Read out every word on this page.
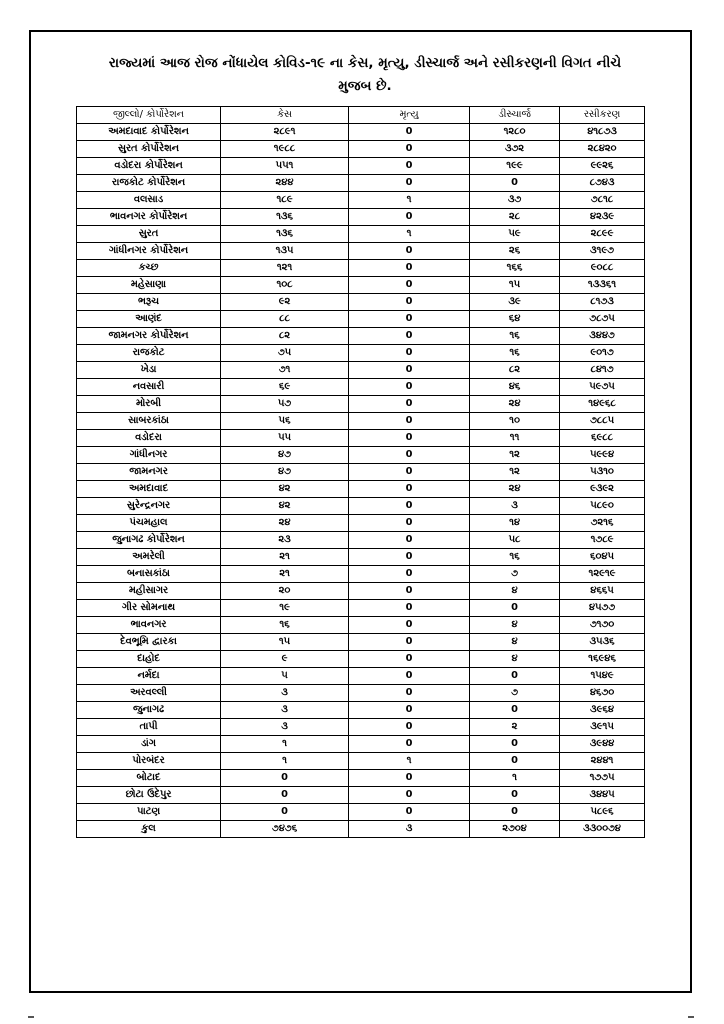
રાજ્યમાં આજ રોજ નોંધાયેલ કોવિડ-૧૯ ના કેસ, મૃત્યુ, ડીસ્ચાર્જ અને રસીકરણની વિગત નીચે
મુજબ છે.
જીલ્લો/ કોર્પોરેશન	કેસ	મૃત્યુ	ડીસ્ચાર્જ	રસીકરણ
અમદાવાદ કોર્પોરેશન	૨૮૯૧	0	૧૨૮૦	૪૧૮૭૩
સુરત કોર્પોરેશન	૧૯૮૮	0	૩૭૨	૨૮૪૨૦
વડોદરા કોર્પોરેશન	૫૫૧	0	૧૯૯	૯૯૨૬
રાજકોટ કોર્પોરેશન	૨૪૪	0	0	૮૭૪૩
વલસાડ	૧૮૯	૧	૩૭	૭૮૧૮
ભાવનગર કોર્પોરેશન	૧૩૬	0	૨૮	૪૨૩૯
સુરત	૧૩૬	૧	૫૯	૨૮૯૯
ગાંધીનગર કોર્પોરેશન	૧૩૫	0	૨૬	૩૧૯૭
કચ્છ	૧૨૧	0	૧૬૬	૯૦૮૮
મહેસાણા	૧૦૮	0	૧૫	૧૩૩૬૧
ભરૂચ	૯૨	0	૩૯	૮૧૭૩
આણંદ	૮૮	0	૬૪	૭૮૭૫
જામનગર કોર્પોરેશન	૮૨	0	૧૬	૩૪૪૭
રાજકોટ	૭૫	0	૧૬	૯૦૧૭
ખેડા	૭૧	0	૮૨	૮૪૧૭
નવસારી	૬૯	0	૪૬	૫૯૭૫
મોરબી	૫૭	0	૨૪	૧૪૯૬૮
સાબરકાંઠા	૫૬	0	૧૦	૭૮૮૫
વડોદરા	૫૫	0	૧૧	૬૯૮૮
ગાંધીનગર	૪૭	0	૧૨	૫૯૯૪
જામનગર	૪૭	0	૧૨	૫૩૧૦
અમદાવાદ	૪૨	0	૨૪	૯૩૯૨
સુરેન્દ્રનગર	૪૨	0	૩	૫૮૯૦
પંચમહાલ	૨૪	0	૧૪	૭૨૧૬
જુનાગઢ કોર્પોરેશન	૨૩	0	૫૮	૧૭૮૯
અમરેલી	૨૧	0	૧૬	૬૦૪૫
બનાસકાંઠા	૨૧	0	૭	૧૨૯૧૯
મહીસાગર	૨૦	0	૪	૪૬૬૫
ગીર સોમનાથ	૧૯	0	0	૪૫૭૭
ભાવનગર	૧૬	0	૪	૭૧૭૦
દેવભૂમિ દ્વારકા	૧૫	0	૪	૩૫૩૬
દાહોદ	૯	0	૪	૧૬૯૪૬
નર્મદા	૫	0	0	૧૫૪૯
અરવલ્લી	૩	0	૭	૪૬૭૦
જુનાગઢ	૩	0	0	૩૯૬૪
તાપી	૩	0	૨	૩૯૧૫
ડાંગ	૧	0	0	૩૯૪૪
પોરબંદર	૧	૧	0	૨૪૪૧
બોટાદ	0	0	૧	૧૭૭૫
છોટા ઉદેપુર	0	0	0	૩૪૪૫
પાટણ	0	0	0	૫૮૯૬
કુલ	૭૪૭૬	૩	૨૭૦૪	૩૩૦૦૭૪
